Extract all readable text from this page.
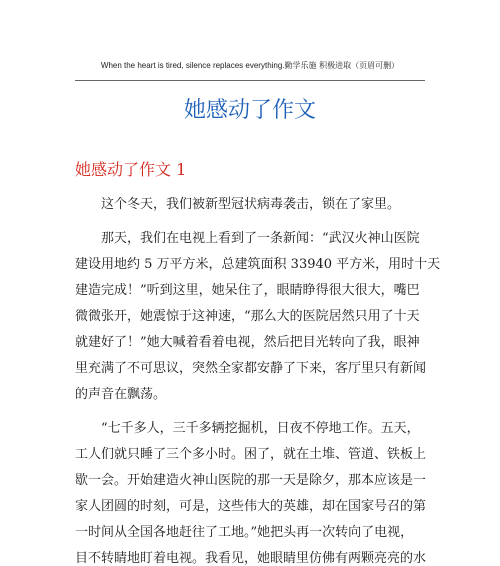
When the heart is tired, silence replaces everything.勤学乐施 积极进取（页眉可删）
她感动了作文
她感动了作文 1
这个冬天，我们被新型冠状病毒袭击，锁在了家里。
那天，我们在电视上看到了一条新闻：“武汉火神山医院
建设用地约 5 万平方米，总建筑面积 33940 平方米，用时十天
建造完成！”听到这里，她呆住了，眼睛睁得很大很大，嘴巴
微微张开，她震惊于这神速，“那么大的医院居然只用了十天
就建好了！”她大喊着看着电视，然后把目光转向了我，眼神
里充满了不可思议，突然全家都安静了下来，客厅里只有新闻
的声音在飘荡。
“七千多人，三千多辆挖掘机，日夜不停地工作。五天，
工人们就只睡了三个多小时。困了，就在土堆、管道、铁板上
歇一会。开始建造火神山医院的那一天是除夕，那本应该是一
家人团圆的时刻，可是，这些伟大的英雄，却在国家号召的第
一时间从全国各地赶往了工地。”她把头再一次转向了电视，
目不转睛地盯着电视。我看见，她眼睛里仿佛有两颗亮亮的水
